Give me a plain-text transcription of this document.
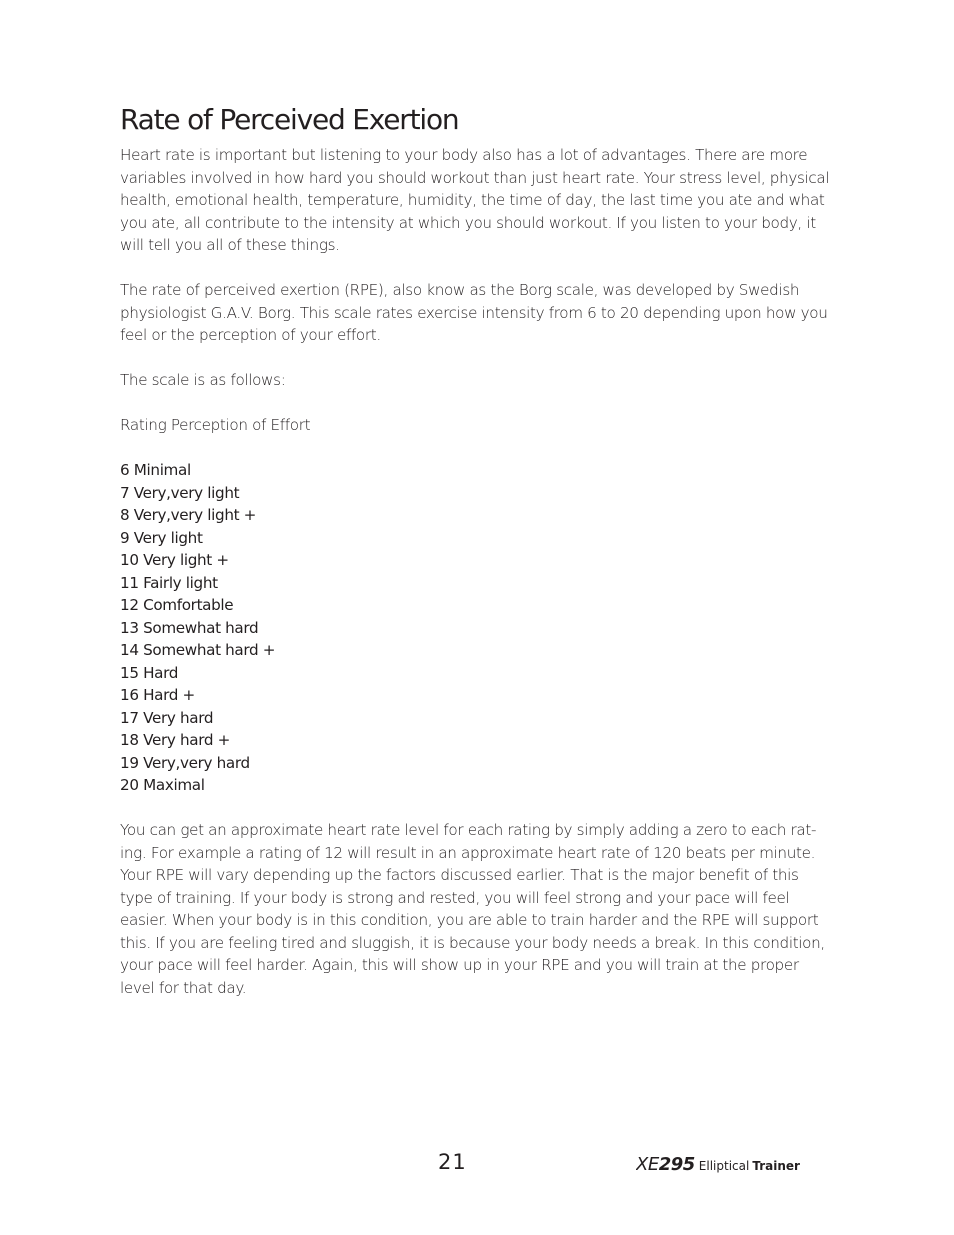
Rate of Perceived Exertion

Heart rate is important but listening to your body also has a lot of advantages. There are more variables involved in how hard you should workout than just heart rate. Your stress level, physical health, emotional health, temperature, humidity, the time of day, the last time you ate and what you ate, all contribute to the intensity at which you should workout. If you listen to your body, it will tell you all of these things.

The rate of perceived exertion (RPE), also know as the Borg scale, was developed by Swedish physiologist G.A.V. Borg. This scale rates exercise intensity from 6 to 20 depending upon how you feel or the perception of your effort.

The scale is as follows:

Rating Perception of Effort

6 Minimal
7 Very,very light
8 Very,very light +
9 Very light
10 Very light +
11 Fairly light
12 Comfortable
13 Somewhat hard
14 Somewhat hard +
15 Hard
16 Hard +
17 Very hard
18 Very hard +
19 Very,very hard
20 Maximal

You can get an approximate heart rate level for each rating by simply adding a zero to each rat-ing. For example a rating of 12 will result in an approximate heart rate of 120 beats per minute. Your RPE will vary depending up the factors discussed earlier. That is the major benefit of this type of training. If your body is strong and rested, you will feel strong and your pace will feel easier. When your body is in this condition, you are able to train harder and the RPE will support this. If you are feeling tired and sluggish, it is because your body needs a break. In this condition, your pace will feel harder. Again, this will show up in your RPE and you will train at the proper level for that day.

21	XE295 Elliptical Trainer
